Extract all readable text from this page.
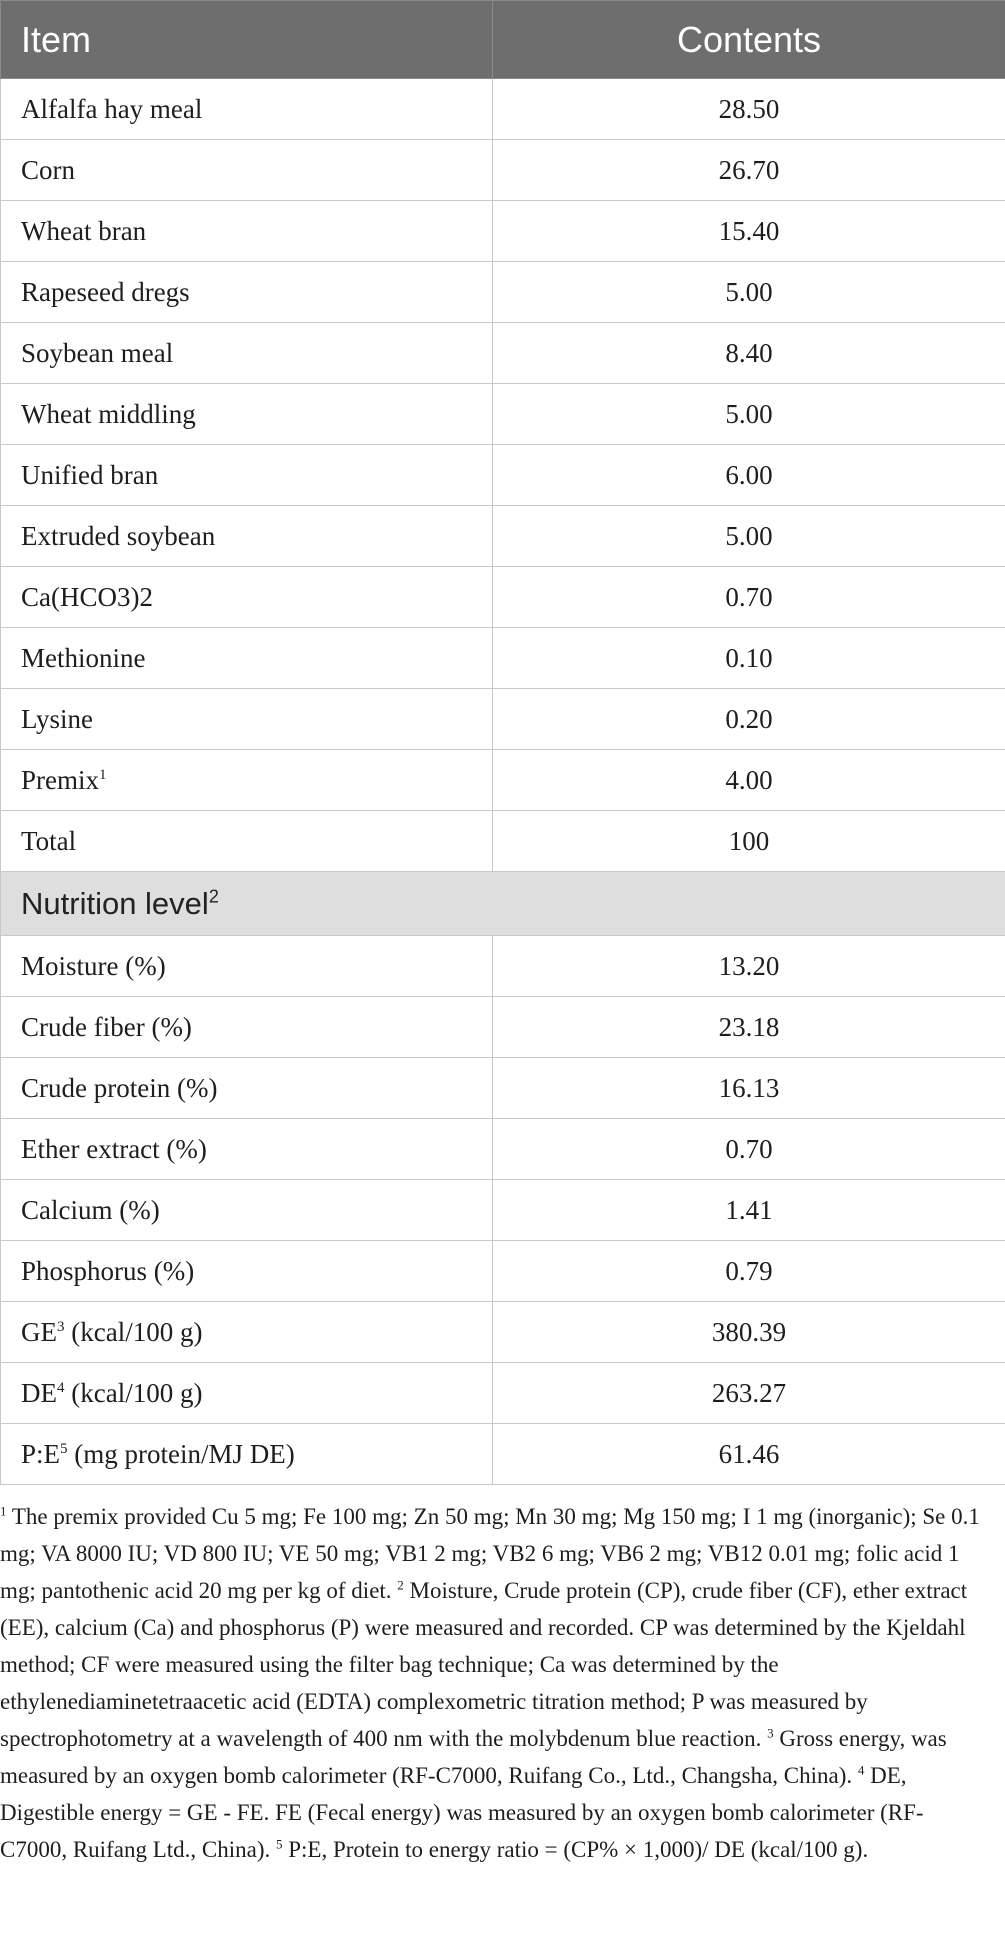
Item	Contents
Alfalfa hay meal	28.50
Corn	26.70
Wheat bran	15.40
Rapeseed dregs	5.00
Soybean meal	8.40
Wheat middling	5.00
Unified bran	6.00
Extruded soybean	5.00
Ca(HCO3)2	0.70
Methionine	0.10
Lysine	0.20
Premix$^1$	4.00
Total	100
Nutrition level$^2$
Moisture (%)	13.20
Crude fiber (%)	23.18
Crude protein (%)	16.13
Ether extract (%)	0.70
Calcium (%)	1.41
Phosphorus (%)	0.79
$GE^3$ (kcal/100 g)	380.39
$DE^4$ (kcal/100 g)	263.27
$P:E^5$ (mg protein/MJ DE)	61.46
$^1$ The premix provided Cu 5 mg; Fe 100 mg; Zn 50 mg; Mn 30 mg; Mg 150 mg; I 1 mg (inorganic); Se 0.1 mg; VA 8000 IU; VD 800 IU; VE 50 mg; VB1 2 mg; VB2 6 mg; VB6 2 mg; VB12 0.01 mg; folic acid 1 mg; pantothenic acid 20 mg per kg of diet. $^2$ Moisture, Crude protein (CP), crude fiber (CF), ether extract (EE), calcium (Ca) and phosphorus (P) were measured and recorded. CP was determined by the Kjeldahl method; CF were measured using the filter bag technique; Ca was determined by the ethylenediaminetetraacetic acid (EDTA) complexometric titration method; P was measured by spectrophotometry at a wavelength of 400 nm with the molybdenum blue reaction. $^3$ Gross energy, was measured by an oxygen bomb calorimeter (RF-C7000, Ruifang Co., Ltd., Changsha, China). $^4$ DE, Digestible energy = GE - FE. FE (Fecal energy) was measured by an oxygen bomb calorimeter (RF-C7000, Ruifang Ltd., China). $^5$ P:E, Protein to energy ratio = (CP% × 1,000)/ DE (kcal/100 g).
